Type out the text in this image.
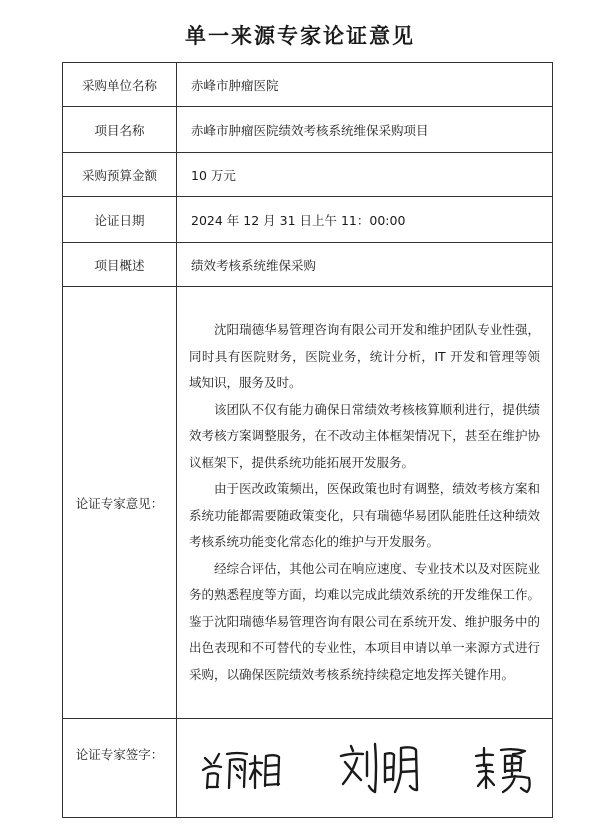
单一来源专家论证意见
采购单位名称	赤峰市肿瘤医院
项目名称	赤峰市肿瘤医院绩效考核系统维保采购项目
采购预算金额	10 万元
论证日期	2024 年 12 月 31 日上午 11：00:00
项目概述	绩效考核系统维保采购
论证专家意见：	沈阳瑞德华易管理咨询有限公司开发和维护团队专业性强，同时具有医院财务，医院业务，统计分析，IT 开发和管理等领域知识，服务及时。

该团队不仅有能力确保日常绩效考核核算顺利进行，提供绩效考核方案调整服务，在不改动主体框架情况下，甚至在维护协议框架下，提供系统功能拓展开发服务。

由于医改政策频出，医保政策也时有调整，绩效考核方案和系统功能都需要随政策变化，只有瑞德华易团队能胜任这种绩效考核系统功能变化常态化的维护与开发服务。

经综合评估，其他公司在响应速度、专业技术以及对医院业务的熟悉程度等方面，均难以完成此绩效系统的开发维保工作。鉴于沈阳瑞德华易管理咨询有限公司在系统开发、维护服务中的出色表现和不可替代的专业性，本项目申请以单一来源方式进行采购，以确保医院绩效考核系统持续稳定地发挥关键作用。

论证专家签字：	
